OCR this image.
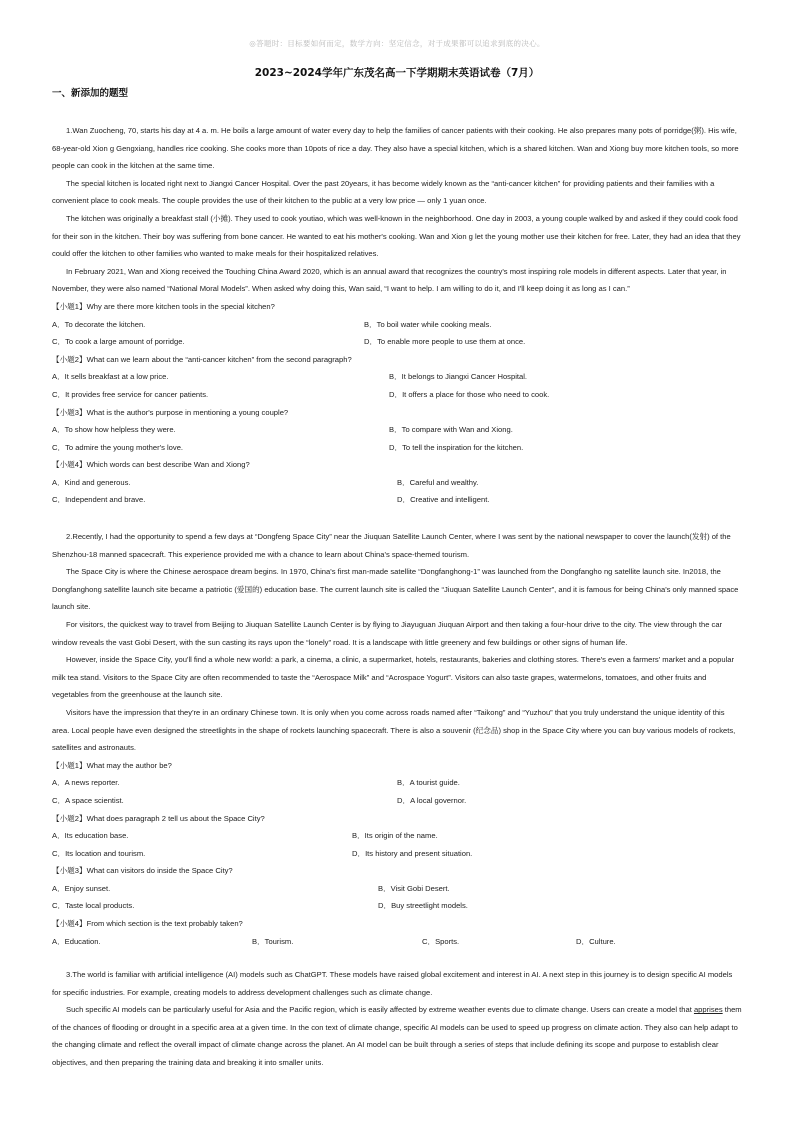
◎答题时：目标要如何而定，数学方向：坚定信念，对于成果都可以追求到底的决心。
2023~2024学年广东茂名高一下学期期末英语试卷（7月）
一、新添加的题型
1.Wan Zuocheng, 70, starts his day at 4 a. m. He boils a large amount of water every day to help the families of cancer patients with their cooking. He also prepares many pots of porridge(粥). His wife, 68-year-old Xion g Gengxiang, handles rice cooking. She cooks more than 10pots of rice a day. They also have a special kitchen, which is a shared kitchen. Wan and Xiong buy more kitchen tools, so more people can cook in the kitchen at the same time.
The special kitchen is located right next to Jiangxi Cancer Hospital. Over the past 20years, it has become widely known as the “anti-cancer kitchen” for providing patients and their families with a convenient place to cook meals. The couple provides the use of their kitchen to the public at a very low price — only 1 yuan once.
The kitchen was originally a breakfast stall (小摊). They used to cook youtiao, which was well-known in the neighborhood. One day in 2003, a young couple walked by and asked if they could cook food for their son in the kitchen. Their boy was suffering from bone cancer. He wanted to eat his mother's cooking. Wan and Xion g let the young mother use their kitchen for free. Later, they had an idea that they could offer the kitchen to other families who wanted to make meals for their hospitalized relatives.
In February 2021, Wan and Xiong received the Touching China Award 2020, which is an annual award that recognizes the country's most inspiring role models in different aspects. Later that year, in November, they were also named “National Moral Models”. When asked why doing this, Wan said, “I want to help. I am willing to do it, and I'll keep doing it as long as I can.”
【小题1】Why are there more kitchen tools in the special kitchen?
A．To decorate the kitchen.	B．To boil water while cooking meals.
C．To cook a large amount of porridge.	D．To enable more people to use them at once.
【小题2】What can we learn about the “anti-cancer kitchen” from the second paragraph?
A．It sells breakfast at a low price.	B．It belongs to Jiangxi Cancer Hospital.
C．It provides free service for cancer patients.	D．It offers a place for those who need to cook.
【小题3】What is the author's purpose in mentioning a young couple?
A．To show how helpless they were.	B．To compare with Wan and Xiong.
C．To admire the young mother's love.	D．To tell the inspiration for the kitchen.
【小题4】Which words can best describe Wan and Xiong?
A．Kind and generous.	B．Careful and wealthy.
C．Independent and brave.	D．Creative and intelligent.
2.Recently, I had the opportunity to spend a few days at “Dongfeng Space City” near the Jiuquan Satellite Launch Center, where I was sent by the national newspaper to cover the launch(发射) of the Shenzhou-18 manned spacecraft. This experience provided me with a chance to learn about China's space-themed tourism.
The Space City is where the Chinese aerospace dream begins. In 1970, China's first man-made satellite “Dongfanghong-1” was launched from the Dongfangho ng satellite launch site. In2018, the Dongfanghong satellite launch site became a patriotic (爱国的) education base. The current launch site is called the “Jiuquan Satellite Launch Center”, and it is famous for being China's only manned space launch site.
For visitors, the quickest way to travel from Beijing to Jiuquan Satellite Launch Center is by flying to Jiayuguan Jiuquan Airport and then taking a four-hour drive to the city. The view through the car window reveals the vast Gobi Desert, with the sun casting its rays upon the “lonely” road. It is a landscape with little greenery and few buildings or other signs of human life.
However, inside the Space City, you'll find a whole new world: a park, a cinema, a clinic, a supermarket, hotels, restaurants, bakeries and clothing stores. There's even a farmers' market and a popular milk tea stand. Visitors to the Space City are often recommended to taste the “Aerospace Milk” and “Acrospace Yogurt”. Visitors can also taste grapes, watermelons, tomatoes, and other fruits and vegetables from the greenhouse at the launch site.
Visitors have the impression that they're in an ordinary Chinese town. It is only when you come across roads named after “Taikong” and “Yuzhou” that you truly understand the unique identity of this area. Local people have even designed the streetlights in the shape of rockets launching spacecraft. There is also a souvenir (纪念品) shop in the Space City where you can buy various models of rockets, satellites and astronauts.
【小题1】What may the author be?
A．A news reporter.	B．A tourist guide.
C．A space scientist.	D．A local governor.
【小题2】What does paragraph 2 tell us about the Space City?
A．Its education base.	B．Its origin of the name.
C．Its location and tourism.	D．Its history and present situation.
【小题3】What can visitors do inside the Space City?
A．Enjoy sunset.	B．Visit Gobi Desert.
C．Taste local products.	D．Buy streetlight models.
【小题4】From which section is the text probably taken?
A．Education.	B．Tourism.	C．Sports.	D．Culture.
3.The world is familiar with artificial intelligence (AI) models such as ChatGPT. These models have raised global excitement and interest in AI. A next step in this journey is to design specific AI models for specific industries. For example, creating models to address development challenges such as climate change.
Such specific AI models can be particularly useful for Asia and the Pacific region, which is easily affected by extreme weather events due to climate change. Users can create a model that apprises them of the chances of flooding or drought in a specific area at a given time. In the con text of climate change, specific AI models can be used to speed up progress on climate action. They also can help adapt to the changing climate and reflect the overall impact of climate change across the planet. An AI model can be built through a series of steps that include defining its scope and purpose to establish clear objectives, and then preparing the training data and breaking it into smaller units.
